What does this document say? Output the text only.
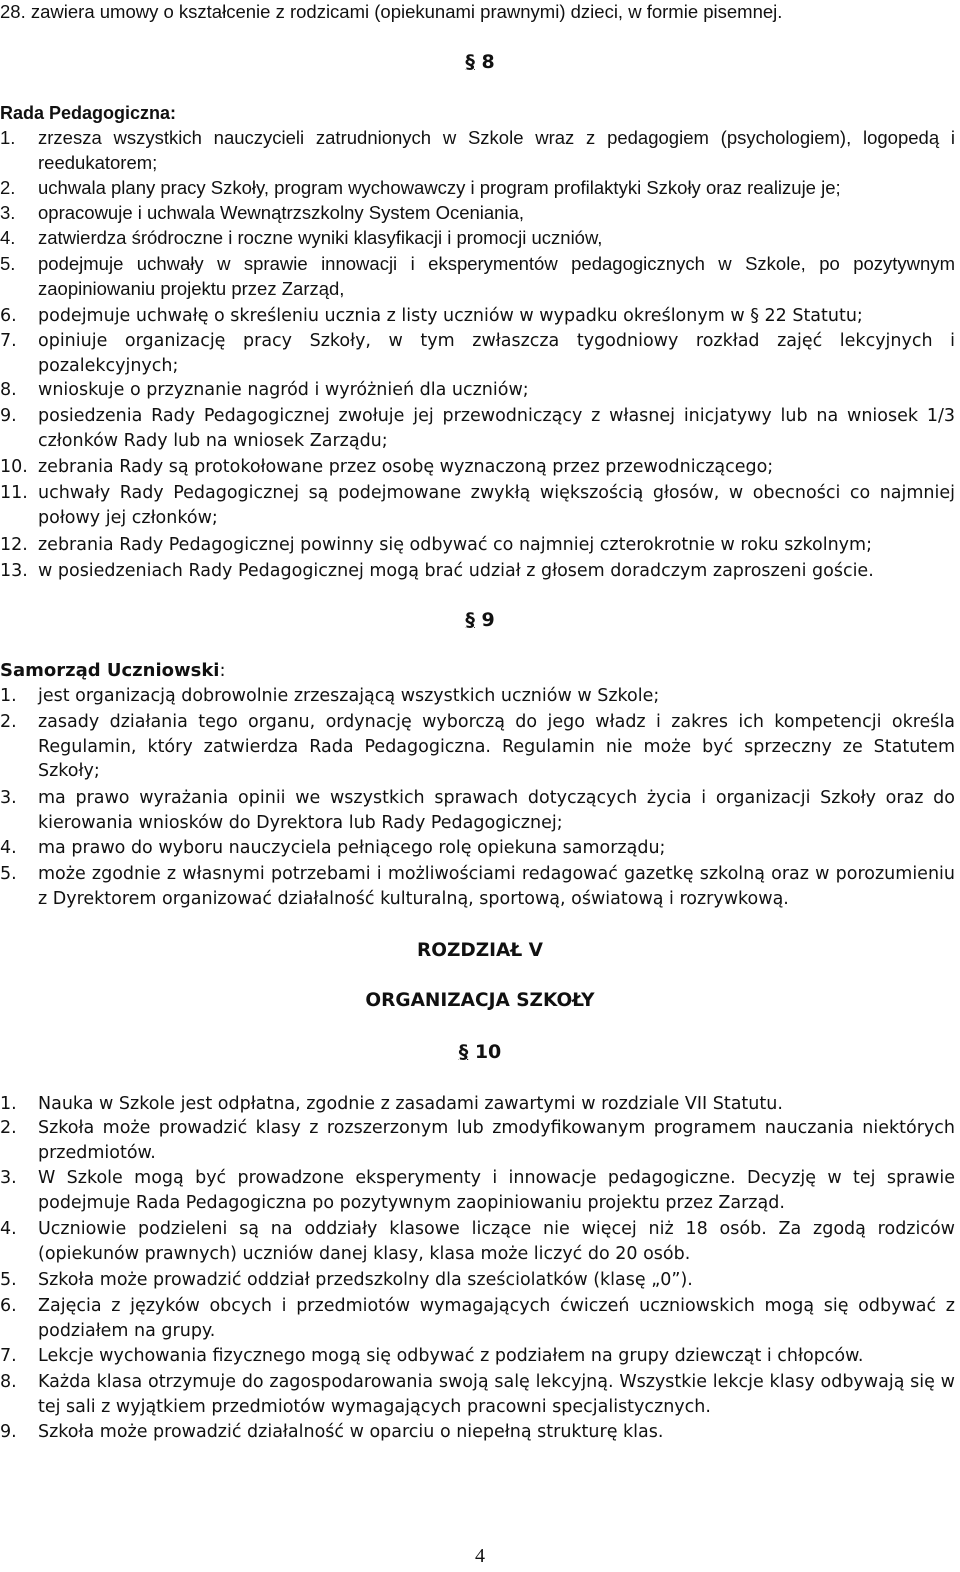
28. zawiera umowy o kształcenie z rodzicami (opiekunami prawnymi) dzieci, w formie pisemnej.
§ 8
Rada Pedagogiczna:
1. zrzesza wszystkich nauczycieli zatrudnionych w Szkole wraz z pedagogiem (psychologiem), logopedą i reedukatorem;
2. uchwala plany pracy Szkoły, program wychowawczy i program profilaktyki Szkoły oraz realizuje je;
3. opracowuje i uchwala Wewnątrzszkolny System Oceniania,
4. zatwierdza śródroczne i roczne wyniki klasyfikacji i promocji uczniów,
5. podejmuje uchwały w sprawie innowacji i eksperymentów pedagogicznych w Szkole, po pozytywnym zaopiniowaniu projektu przez Zarząd,
6. podejmuje uchwałę o skreśleniu ucznia z listy uczniów w wypadku określonym w § 22 Statutu;
7. opiniuje organizację pracy Szkoły, w tym zwłaszcza tygodniowy rozkład zajęć lekcyjnych i pozalekcyjnych;
8. wnioskuje o przyznanie nagród i wyróżnień dla uczniów;
9. posiedzenia Rady Pedagogicznej zwołuje jej przewodniczący z własnej inicjatywy lub na wniosek 1/3 członków Rady lub na wniosek Zarządu;
10. zebrania Rady są protokołowane przez osobę wyznaczoną przez przewodniczącego;
11. uchwały Rady Pedagogicznej są podejmowane zwykłą większością głosów, w obecności co najmniej połowy jej członków;
12. zebrania Rady Pedagogicznej powinny się odbywać co najmniej czterokrotnie w roku szkolnym;
13. w posiedzeniach Rady Pedagogicznej mogą brać udział z głosem doradczym zaproszeni goście.
§ 9
Samorząd Uczniowski:
1. jest organizacją dobrowolnie zrzeszającą wszystkich uczniów w Szkole;
2. zasady działania tego organu, ordynację wyborczą do jego władz i zakres ich kompetencji określa Regulamin, który zatwierdza Rada Pedagogiczna. Regulamin nie może być sprzeczny ze Statutem Szkoły;
3. ma prawo wyrażania opinii we wszystkich sprawach dotyczących życia i organizacji Szkoły oraz do kierowania wniosków do Dyrektora lub Rady Pedagogicznej;
4. ma prawo do wyboru nauczyciela pełniącego rolę opiekuna samorządu;
5. może zgodnie z własnymi potrzebami i możliwościami redagować gazetkę szkolną oraz w porozumieniu z Dyrektorem organizować działalność kulturalną, sportową, oświatową i rozrywkową.
ROZDZIAŁ V
ORGANIZACJA SZKOŁY
§ 10
1. Nauka w Szkole jest odpłatna, zgodnie z zasadami zawartymi w rozdziale VII Statutu.
2. Szkoła może prowadzić klasy z rozszerzonym lub zmodyfikowanym programem nauczania niektórych przedmiotów.
3. W Szkole mogą być prowadzone eksperymenty i innowacje pedagogiczne. Decyzję w tej sprawie podejmuje Rada Pedagogiczna po pozytywnym zaopiniowaniu projektu przez Zarząd.
4. Uczniowie podzieleni są na oddziały klasowe liczące nie więcej niż 18 osób. Za zgodą rodziców (opiekunów prawnych) uczniów danej klasy, klasa może liczyć do 20 osób.
5. Szkoła może prowadzić oddział przedszkolny dla sześciolatków (klasę „0”).
6. Zajęcia z języków obcych i przedmiotów wymagających ćwiczeń uczniowskich mogą się odbywać z podziałem na grupy.
7. Lekcje wychowania fizycznego mogą się odbywać z podziałem na grupy dziewcząt i chłopców.
8. Każda klasa otrzymuje do zagospodarowania swoją salę lekcyjną. Wszystkie lekcje klasy odbywają się w tej sali z wyjątkiem przedmiotów wymagających pracowni specjalistycznych.
9. Szkoła może prowadzić działalność w oparciu o niepełną strukturę klas.
4
